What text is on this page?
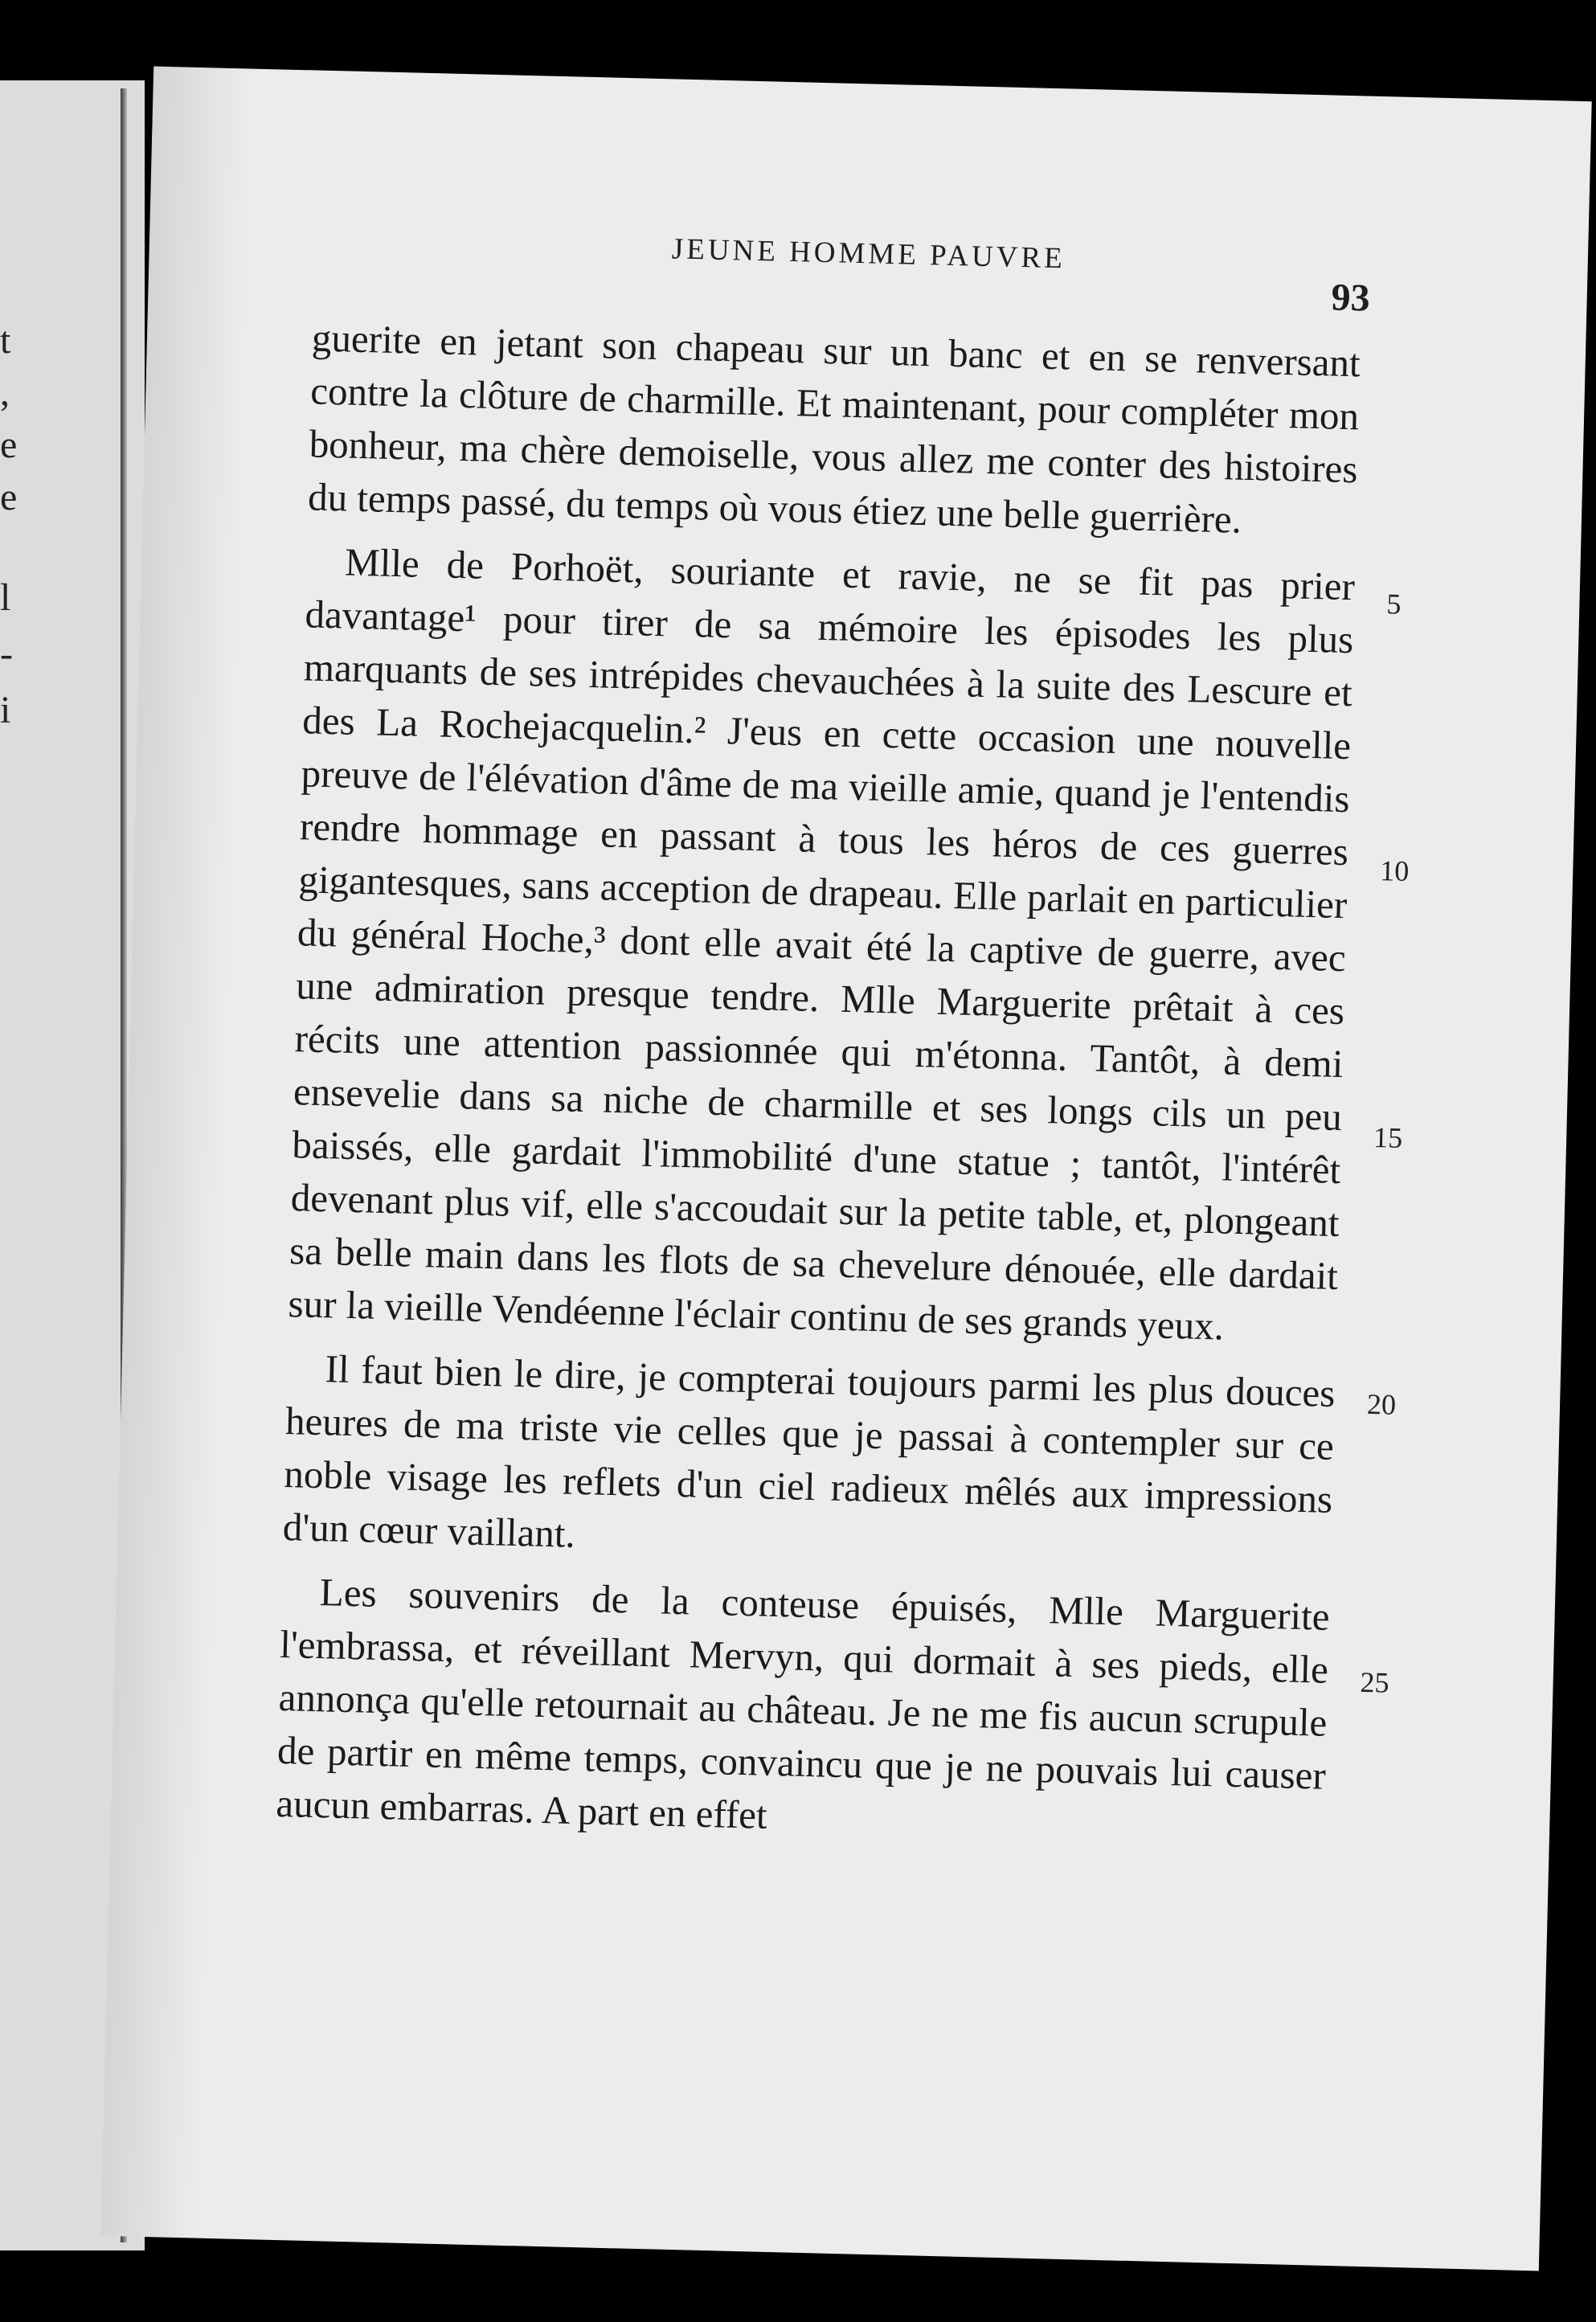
t
,
e
e
l
-
i
JEUNE HOMME PAUVRE
93

guerite en jetant son chapeau sur un banc et en se renversant contre la clôture de charmille. Et maintenant, pour compléter mon bonheur, ma chère demoiselle, vous allez me conter des histoires du temps passé, du temps où vous étiez une belle guerrière.

Mlle de Porhoët, souriante et ravie, ne se fit pas prier davantage¹ pour tirer de sa mémoire les épisodes les plus marquants de ses intrépides chevauchées à la suite des Lescure et des La Rochejacquelin.² J'eus en cette occasion une nouvelle preuve de l'élévation d'âme de ma vieille amie, quand je l'entendis rendre hommage en passant à tous les héros de ces guerres gigantesques, sans acception de drapeau. Elle parlait en particulier du général Hoche,³ dont elle avait été la captive de guerre, avec une admiration presque tendre. Mlle Marguerite prêtait à ces récits une attention passionnée qui m'étonna. Tantôt, à demi ensevelie dans sa niche de charmille et ses longs cils un peu baissés, elle gardait l'immobilité d'une statue ; tantôt, l'intérêt devenant plus vif, elle s'accoudait sur la petite table, et, plongeant sa belle main dans les flots de sa chevelure dénouée, elle dardait sur la vieille Vendéenne l'éclair continu de ses grands yeux.

Il faut bien le dire, je compterai toujours parmi les plus douces heures de ma triste vie celles que je passai à contempler sur ce noble visage les reflets d'un ciel radieux mêlés aux impressions d'un cœur vaillant.

Les souvenirs de la conteuse épuisés, Mlle Marguerite l'embrassa, et réveillant Mervyn, qui dormait à ses pieds, elle annonça qu'elle retournait au château. Je ne me fis aucun scrupule de partir en même temps, convaincu que je ne pouvais lui causer aucun embarras. A part en effet

5
10
15
20
25
